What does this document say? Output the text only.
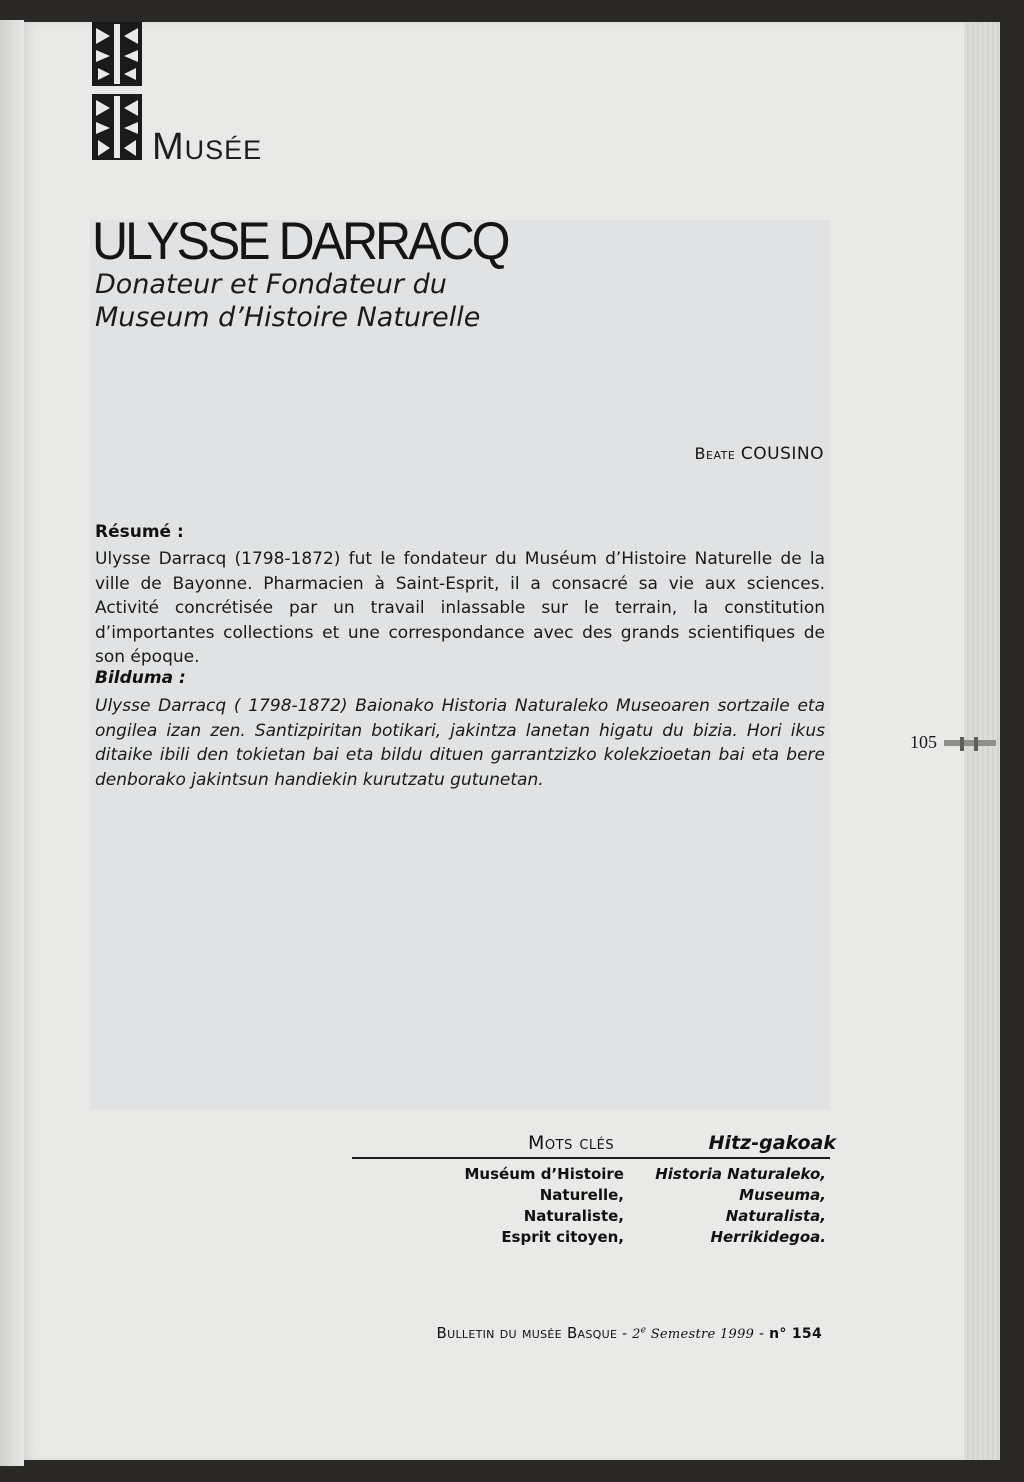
Musée
ULYSSE DARRACQ
Donateur et Fondateur du
Museum d’Histoire Naturelle
Beate COUSINO
Résumé :
Ulysse Darracq (1798-1872) fut le fondateur du Muséum d’Histoire Naturelle de la ville de Bayonne. Pharmacien à Saint-Esprit, il a consacré sa vie aux sciences. Activité concrétisée par un travail inlassable sur le terrain, la constitution d’importantes collections et une correspondance avec des grands scientifiques de son époque.
Bilduma :
Ulysse Darracq ( 1798-1872) Baionako Historia Naturaleko Museoaren sortzaile eta ongilea izan zen. Santizpiritan botikari, jakintza lanetan higatu du bizia. Hori ikus ditaike ibili den tokietan bai eta bildu dituen garrantzizko kolekzioetan bai eta bere denborako jakintsun handiekin kurutzatu gutunetan.
105
Mots clés	Hitz-gakoak
Muséum d’Histoire
Naturelle,
Naturaliste,
Esprit citoyen,
Historia Naturaleko,
Museuma,
Naturalista,
Herrikidegoa.
Bulletin du musée Basque - 2e Semestre 1999 - n° 154
